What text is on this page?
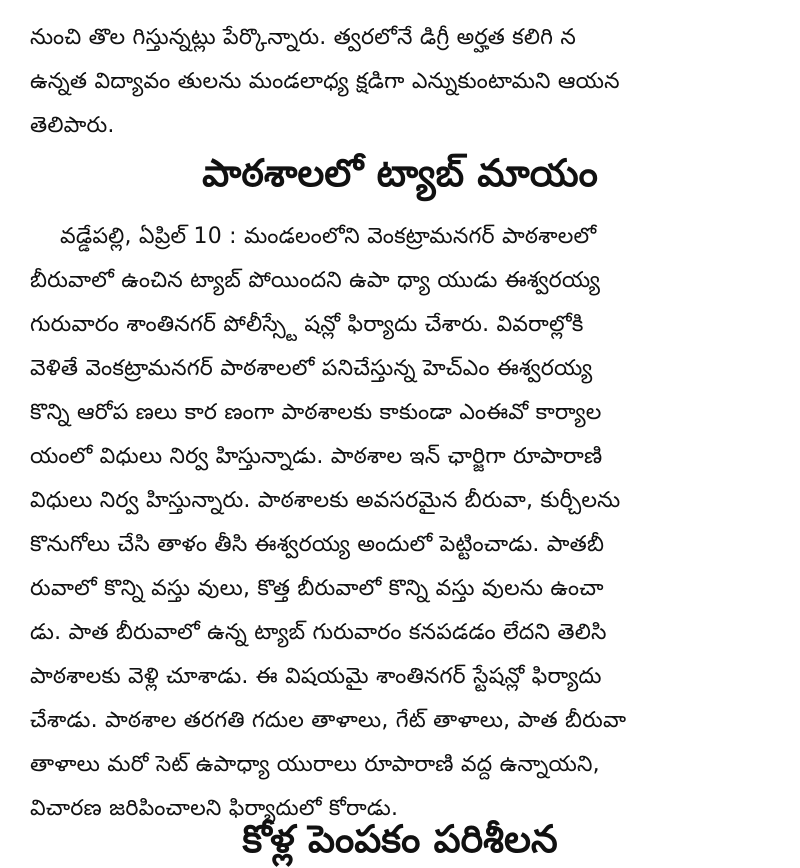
నుంచి తొల గిస్తున్నట్లు పేర్కొన్నారు. త్వరలోనే డిగ్రీ అర్హత కలిగి న
ఉన్నత విద్యావం తులను మండలాధ్య క్షడిగా ఎన్నుకుంటామని ఆయన
తెలిపారు.
పాఠశాలలో ట్యాబ్ మాయం
వడ్డేపల్లి, ఏప్రిల్ 10 : మండలంలోని వెంకట్రామనగర్ పాఠశాలలో
బీరువాలో ఉంచిన ట్యాబ్ పోయిందని ఉపా ధ్యా యుడు ఈశ్వరయ్య
గురువారం శాంతినగర్ పోలీస్స్టే షన్లో ఫిర్యాదు చేశారు. వివరాల్లోకి
వెళితే వెంకట్రామనగర్ పాఠశాలలో పనిచేస్తున్న హెచ్ఎం ఈశ్వరయ్య
కొన్ని ఆరోప ణలు కార ణంగా పాఠశాలకు కాకుండా ఎంఈవో కార్యాల
యంలో విధులు నిర్వ హిస్తున్నాడు. పాఠశాల ఇన్ ఛార్జిగా రూపారాణి
విధులు నిర్వ హిస్తున్నారు. పాఠశాలకు అవసరమైన బీరువా, కుర్చీలను
కొనుగోలు చేసి తాళం తీసి ఈశ్వరయ్య అందులో పెట్టించాడు. పాతబీ
రువాలో కొన్ని వస్తు వులు, కొత్త బీరువాలో కొన్ని వస్తు వులను ఉంచా
డు. పాత బీరువాలో ఉన్న ట్యాబ్ గురువారం కనపడడం లేదని తెలిసి
పాఠశాలకు వెళ్లి చూశాడు. ఈ విషయమై శాంతినగర్ స్టేషన్లో ఫిర్యాదు
చేశాడు. పాఠశాల తరగతి గదుల తాళాలు, గేట్ తాళాలు, పాత బీరువా
తాళాలు మరో సెట్ ఉపాధ్యా యురాలు రూపారాణి వద్ద ఉన్నాయని,
విచారణ జరిపించాలని ఫిర్యాదులో కోరాడు.
కోళ్ల పెంపకం పరిశీలన
